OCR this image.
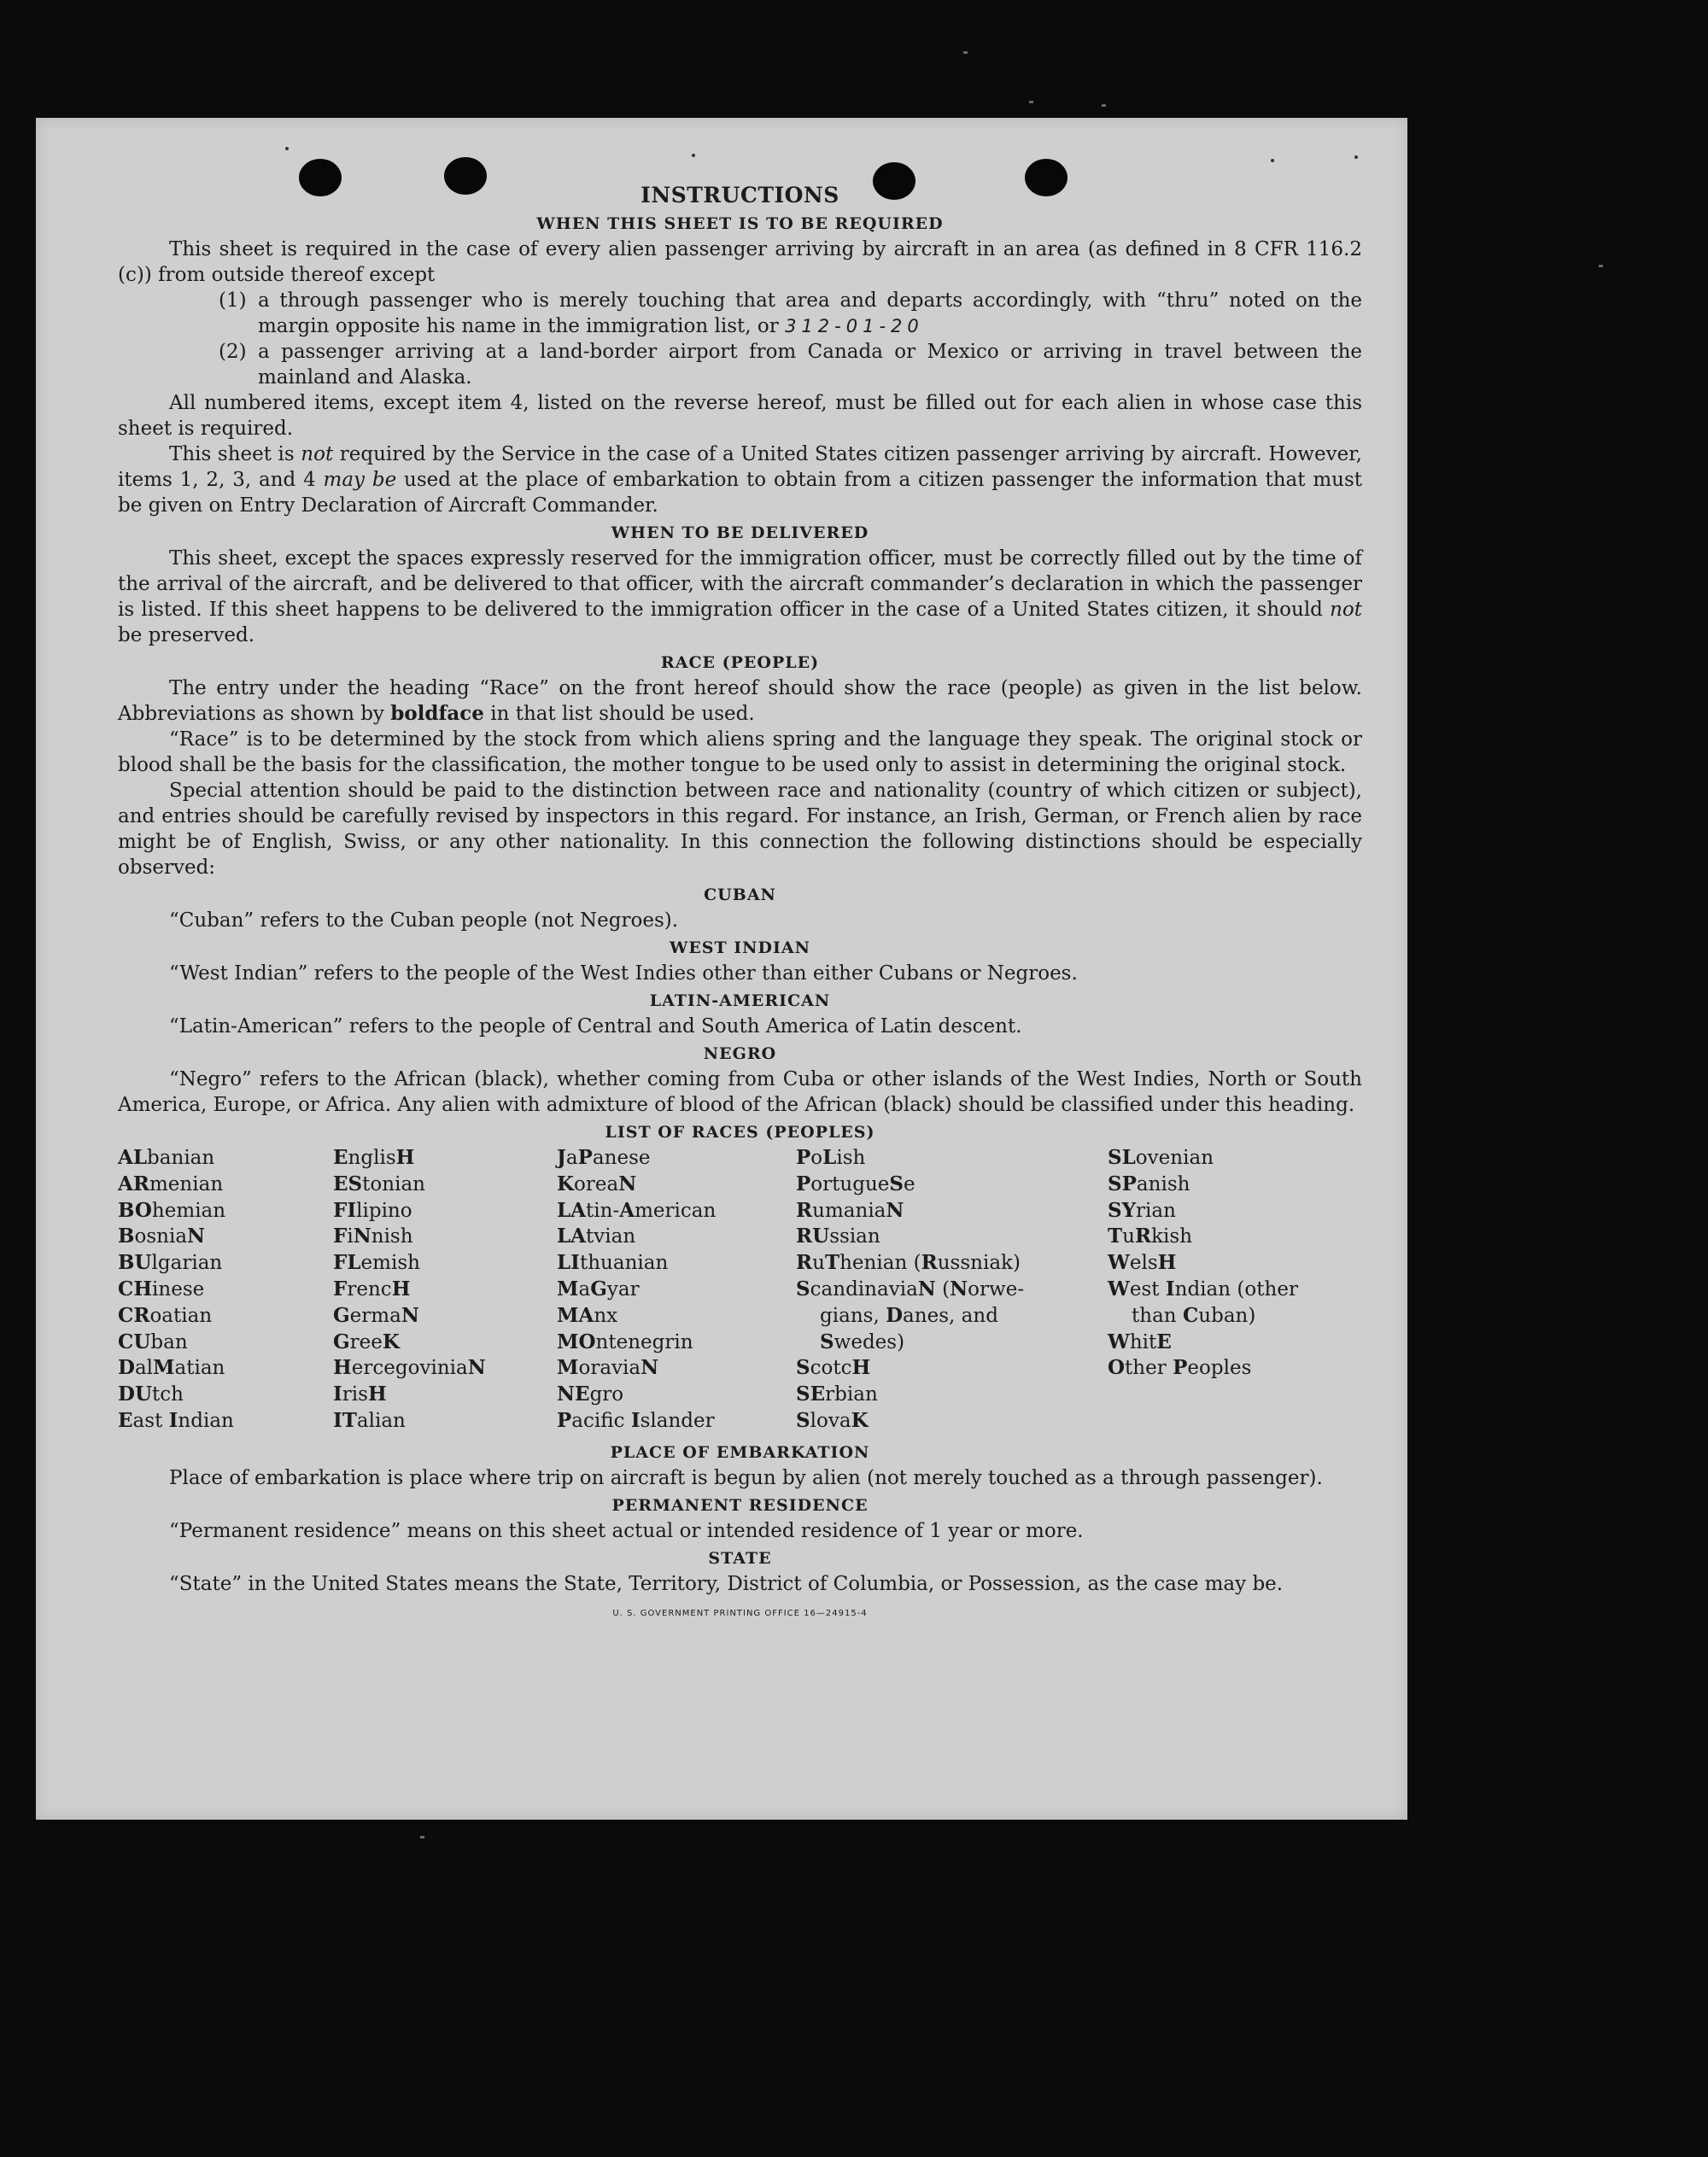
INSTRUCTIONS
WHEN THIS SHEET IS TO BE REQUIRED

This sheet is required in the case of every alien passenger arriving by aircraft in an area (as defined in 8 CFR 116.2 (c)) from outside thereof except

(1) a through passenger who is merely touching that area and departs accordingly, with “thru” noted on the margin opposite his name in the immigration list, or 312-01-20
(2) a passenger arriving at a land-border airport from Canada or Mexico or arriving in travel between the mainland and Alaska.

All numbered items, except item 4, listed on the reverse hereof, must be filled out for each alien in whose case this sheet is required.

This sheet is not required by the Service in the case of a United States citizen passenger arriving by aircraft. However, items 1, 2, 3, and 4 may be used at the place of embarkation to obtain from a citizen passenger the information that must be given on Entry Declaration of Aircraft Commander.

WHEN TO BE DELIVERED

This sheet, except the spaces expressly reserved for the immigration officer, must be correctly filled out by the time of the arrival of the aircraft, and be delivered to that officer, with the aircraft commander’s declaration in which the passenger is listed. If this sheet happens to be delivered to the immigration officer in the case of a United States citizen, it should not be preserved.

RACE (PEOPLE)

The entry under the heading “Race” on the front hereof should show the race (people) as given in the list below. Abbreviations as shown by boldface in that list should be used.

“Race” is to be determined by the stock from which aliens spring and the language they speak. The original stock or blood shall be the basis for the classification, the mother tongue to be used only to assist in determining the original stock.

Special attention should be paid to the distinction between race and nationality (country of which citizen or subject), and entries should be carefully revised by inspectors in this regard. For instance, an Irish, German, or French alien by race might be of English, Swiss, or any other nationality. In this connection the following distinctions should be especially observed:

CUBAN

“Cuban” refers to the Cuban people (not Negroes).

WEST INDIAN

“West Indian” refers to the people of the West Indies other than either Cubans or Negroes.

LATIN-AMERICAN

“Latin-American” refers to the people of Central and South America of Latin descent.

NEGRO

“Negro” refers to the African (black), whether coming from Cuba or other islands of the West Indies, North or South America, Europe, or Africa. Any alien with admixture of blood of the African (black) should be classified under this heading.

LIST OF RACES (PEOPLES)
ALbanian
ARmenian
BOhemian
BosniaN
BUlgarian
CHinese
CRoatian
CUban
DalMatian
DUtch
East Indian
EnglisH
EStonian
FIlipino
FiNnish
FLemish
FrencH
GermaN
GreeK
HercegoviniaN
IrisH
ITalian
JaPanese
KoreaN
LAtin-American
LAtvian
LIthuanian
MaGyar
MAnx
MOntenegrin
MoraviaN
NEgro
Pacifc Islander
PoLish
PortugueSe
RumaniaN
RUssian
RuThenian (Russniak)
ScandinaviaN (Norwe-
gians, Danes, and
Swedes)
ScotcH
SErbian
SlovaK
SLovenian
SPanish
SYrian
TuRkish
WelsH
West Indian (other
than Cuban)
WhitE
Other Peoples
PLACE OF EMBARKATION

Place of embarkation is place where trip on aircraft is begun by alien (not merely touched as a through passenger).

PERMANENT RESIDENCE

“Permanent residence” means on this sheet actual or intended residence of 1 year or more.

STATE

“State” in the United States means the State, Territory, District of Columbia, or Possession, as the case may be.

U. S. GOVERNMENT PRINTING OFFICE 16—24915-4
